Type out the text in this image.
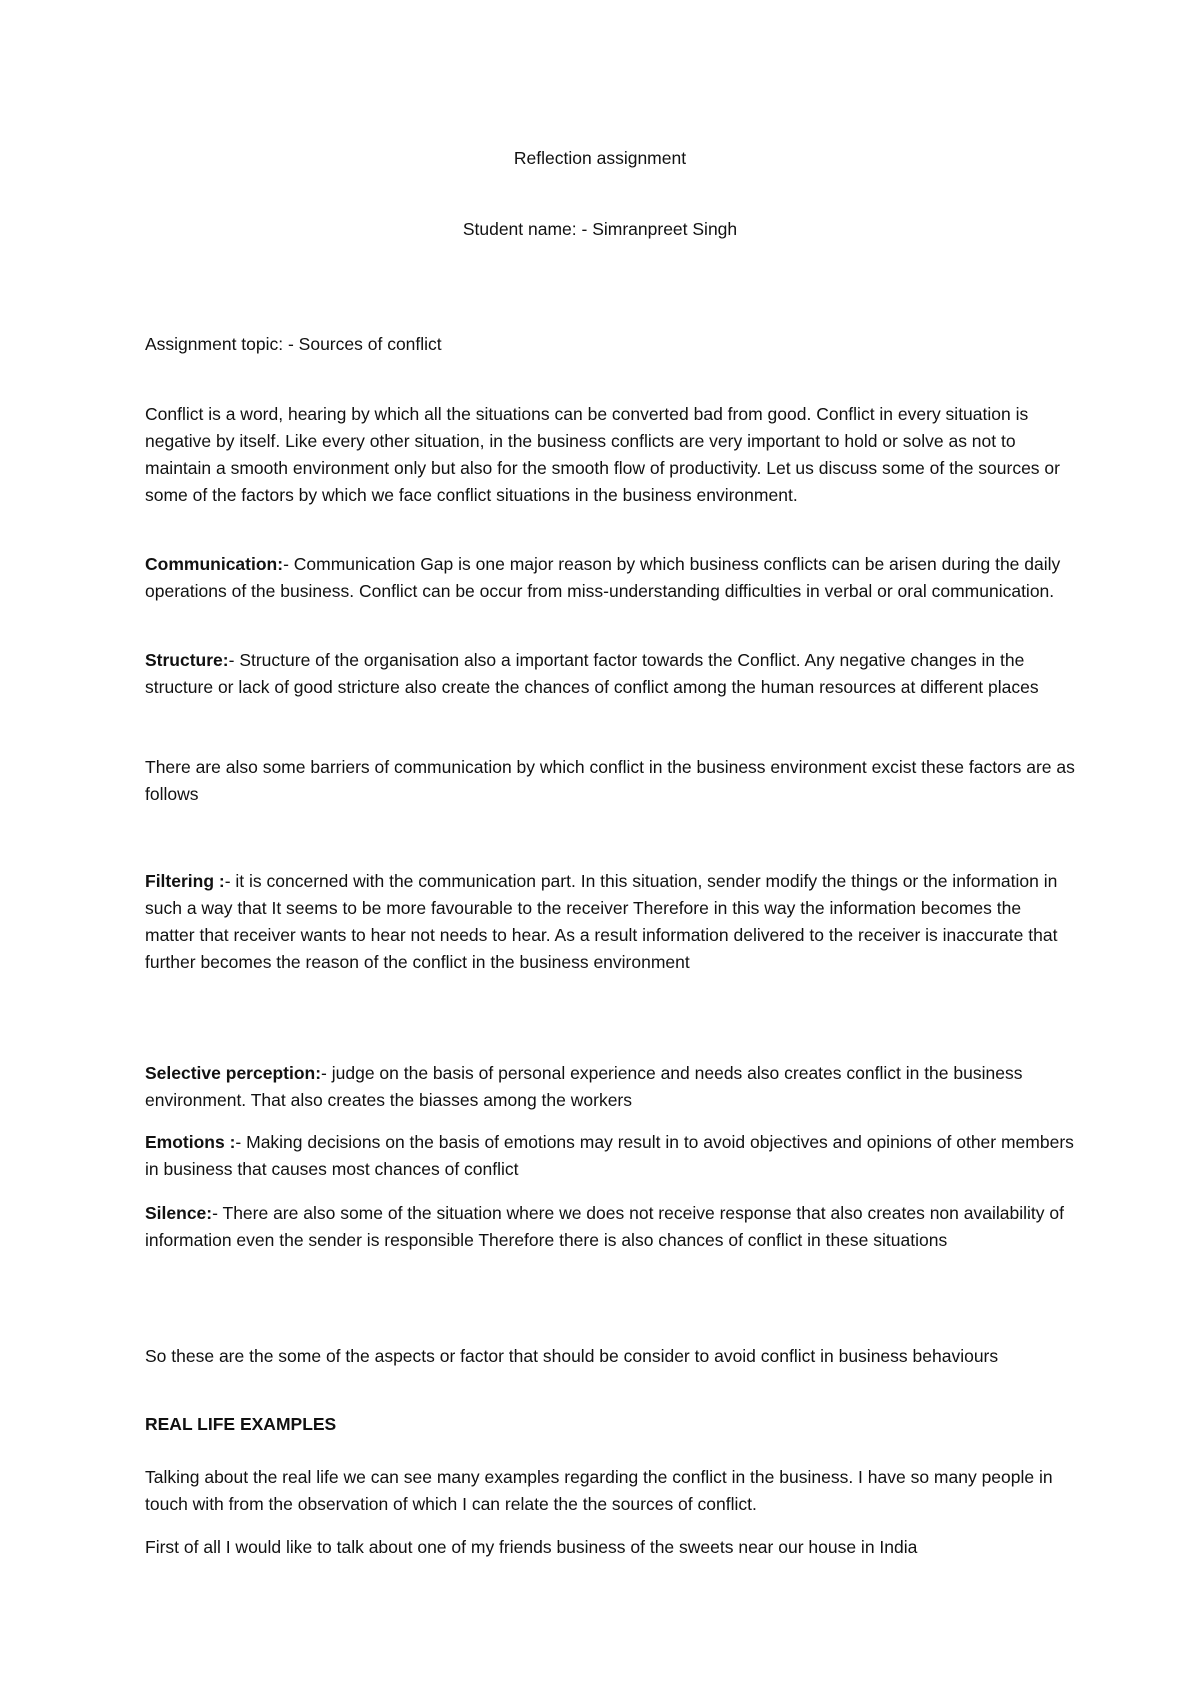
Reflection assignment
Student name: - Simranpreet Singh

Assignment topic: - Sources of conflict

Conflict is a word, hearing by which all the situations can be converted bad from good. Conflict in every situation is negative by itself. Like every other situation, in the business conflicts are very important to hold or solve as not to maintain a smooth environment only but also for the smooth flow of productivity. Let us discuss some of the sources or some of the factors by which we face conflict situations in the business environment.

Communication:- Communication Gap is one major reason by which business conflicts can be arisen during the daily operations of the business. Conflict can be occur from miss-understanding difficulties in verbal or oral communication.

Structure:- Structure of the organisation also a important factor towards the Conflict. Any negative changes in the structure or lack of good stricture also create the chances of conflict among the human resources at different places

There are also some barriers of communication by which conflict in the business environment excist these factors are as follows

Filtering :- it is concerned with the communication part. In this situation, sender modify the things or the information in such a way that It seems to be more favourable to the receiver Therefore in this way the information becomes the matter that receiver wants to hear not needs to hear. As a result information delivered to the receiver is inaccurate that further becomes the reason of the conflict in the business environment

Selective perception:- judge on the basis of personal experience and needs also creates conflict in the business environment. That also creates the biasses among the workers

Emotions :- Making decisions on the basis of emotions may result in to avoid objectives and opinions of other members in business that causes most chances of conflict

Silence:- There are also some of the situation where we does not receive response that also creates non availability of information even the sender is responsible Therefore there is also chances of conflict in these situations

So these are the some of the aspects or factor that should be consider to avoid conflict in business behaviours

REAL LIFE EXAMPLES

Talking about the real life we can see many examples regarding the conflict in the business. I have so many people in touch with from the observation of which I can relate the the sources of conflict.

First of all I would like to talk about one of my friends business of the sweets near our house in India
